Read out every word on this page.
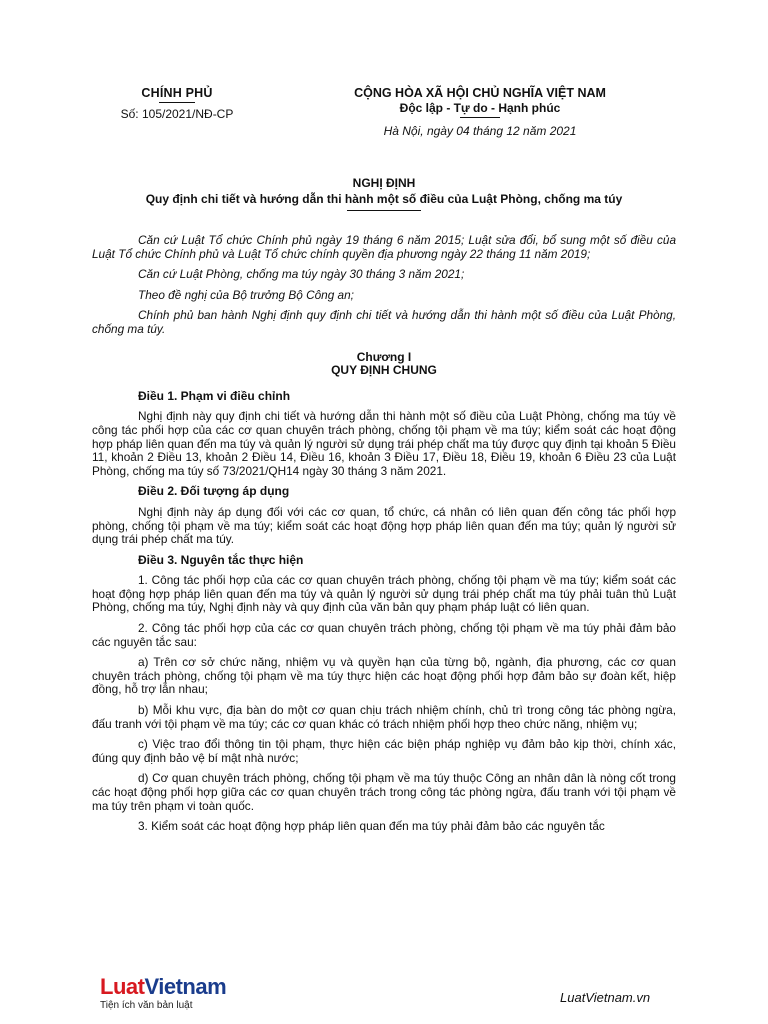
CHÍNH PHỦ
Số: 105/2021/NĐ-CP
CỘNG HÒA XÃ HỘI CHỦ NGHĨA VIỆT NAM
Độc lập - Tự do - Hạnh phúc
Hà Nội, ngày 04 tháng 12 năm 2021
NGHỊ ĐỊNH
Quy định chi tiết và hướng dẫn thi hành một số điều của Luật Phòng, chống ma túy

Căn cứ Luật Tổ chức Chính phủ ngày 19 tháng 6 năm 2015; Luật sửa đổi, bổ sung một số điều của Luật Tổ chức Chính phủ và Luật Tổ chức chính quyền địa phương ngày 22 tháng 11 năm 2019;

Căn cứ Luật Phòng, chống ma túy ngày 30 tháng 3 năm 2021;

Theo đề nghị của Bộ trưởng Bộ Công an;

Chính phủ ban hành Nghị định quy định chi tiết và hướng dẫn thi hành một số điều của Luật Phòng, chống ma túy.

Chương I
QUY ĐỊNH CHUNG

Điều 1. Phạm vi điều chỉnh

Nghị định này quy định chi tiết và hướng dẫn thi hành một số điều của Luật Phòng, chống ma túy về công tác phối hợp của các cơ quan chuyên trách phòng, chống tội phạm về ma túy; kiểm soát các hoạt động hợp pháp liên quan đến ma túy và quản lý người sử dụng trái phép chất ma túy được quy định tại khoản 5 Điều 11, khoản 2 Điều 13, khoản 2 Điều 14, Điều 16, khoản 3 Điều 17, Điều 18, Điều 19, khoản 6 Điều 23 của Luật Phòng, chống ma túy số 73/2021/QH14 ngày 30 tháng 3 năm 2021.

Điều 2. Đối tượng áp dụng

Nghị định này áp dụng đối với các cơ quan, tổ chức, cá nhân có liên quan đến công tác phối hợp phòng, chống tội phạm về ma túy; kiểm soát các hoạt động hợp pháp liên quan đến ma túy; quản lý người sử dụng trái phép chất ma túy.

Điều 3. Nguyên tắc thực hiện

1. Công tác phối hợp của các cơ quan chuyên trách phòng, chống tội phạm về ma túy; kiểm soát các hoạt động hợp pháp liên quan đến ma túy và quản lý người sử dụng trái phép chất ma túy phải tuân thủ Luật Phòng, chống ma túy, Nghị định này và quy định của văn bản quy phạm pháp luật có liên quan.

2. Công tác phối hợp của các cơ quan chuyên trách phòng, chống tội phạm về ma túy phải đảm bảo các nguyên tắc sau:

a) Trên cơ sở chức năng, nhiệm vụ và quyền hạn của từng bộ, ngành, địa phương, các cơ quan chuyên trách phòng, chống tội phạm về ma túy thực hiện các hoạt động phối hợp đảm bảo sự đoàn kết, hiệp đồng, hỗ trợ lẫn nhau;

b) Mỗi khu vực, địa bàn do một cơ quan chịu trách nhiệm chính, chủ trì trong công tác phòng ngừa, đấu tranh với tội phạm về ma túy; các cơ quan khác có trách nhiệm phối hợp theo chức năng, nhiệm vụ;

c) Việc trao đổi thông tin tội phạm, thực hiện các biện pháp nghiệp vụ đảm bảo kịp thời, chính xác, đúng quy định bảo vệ bí mật nhà nước;

d) Cơ quan chuyên trách phòng, chống tội phạm về ma túy thuộc Công an nhân dân là nòng cốt trong các hoạt động phối hợp giữa các cơ quan chuyên trách trong công tác phòng ngừa, đấu tranh với tội phạm về ma túy trên phạm vi toàn quốc.

3. Kiểm soát các hoạt động hợp pháp liên quan đến ma túy phải đảm bảo các nguyên tắc

LuatVietnam
Tiện ích văn bản luật
LuatVietnam.vn
